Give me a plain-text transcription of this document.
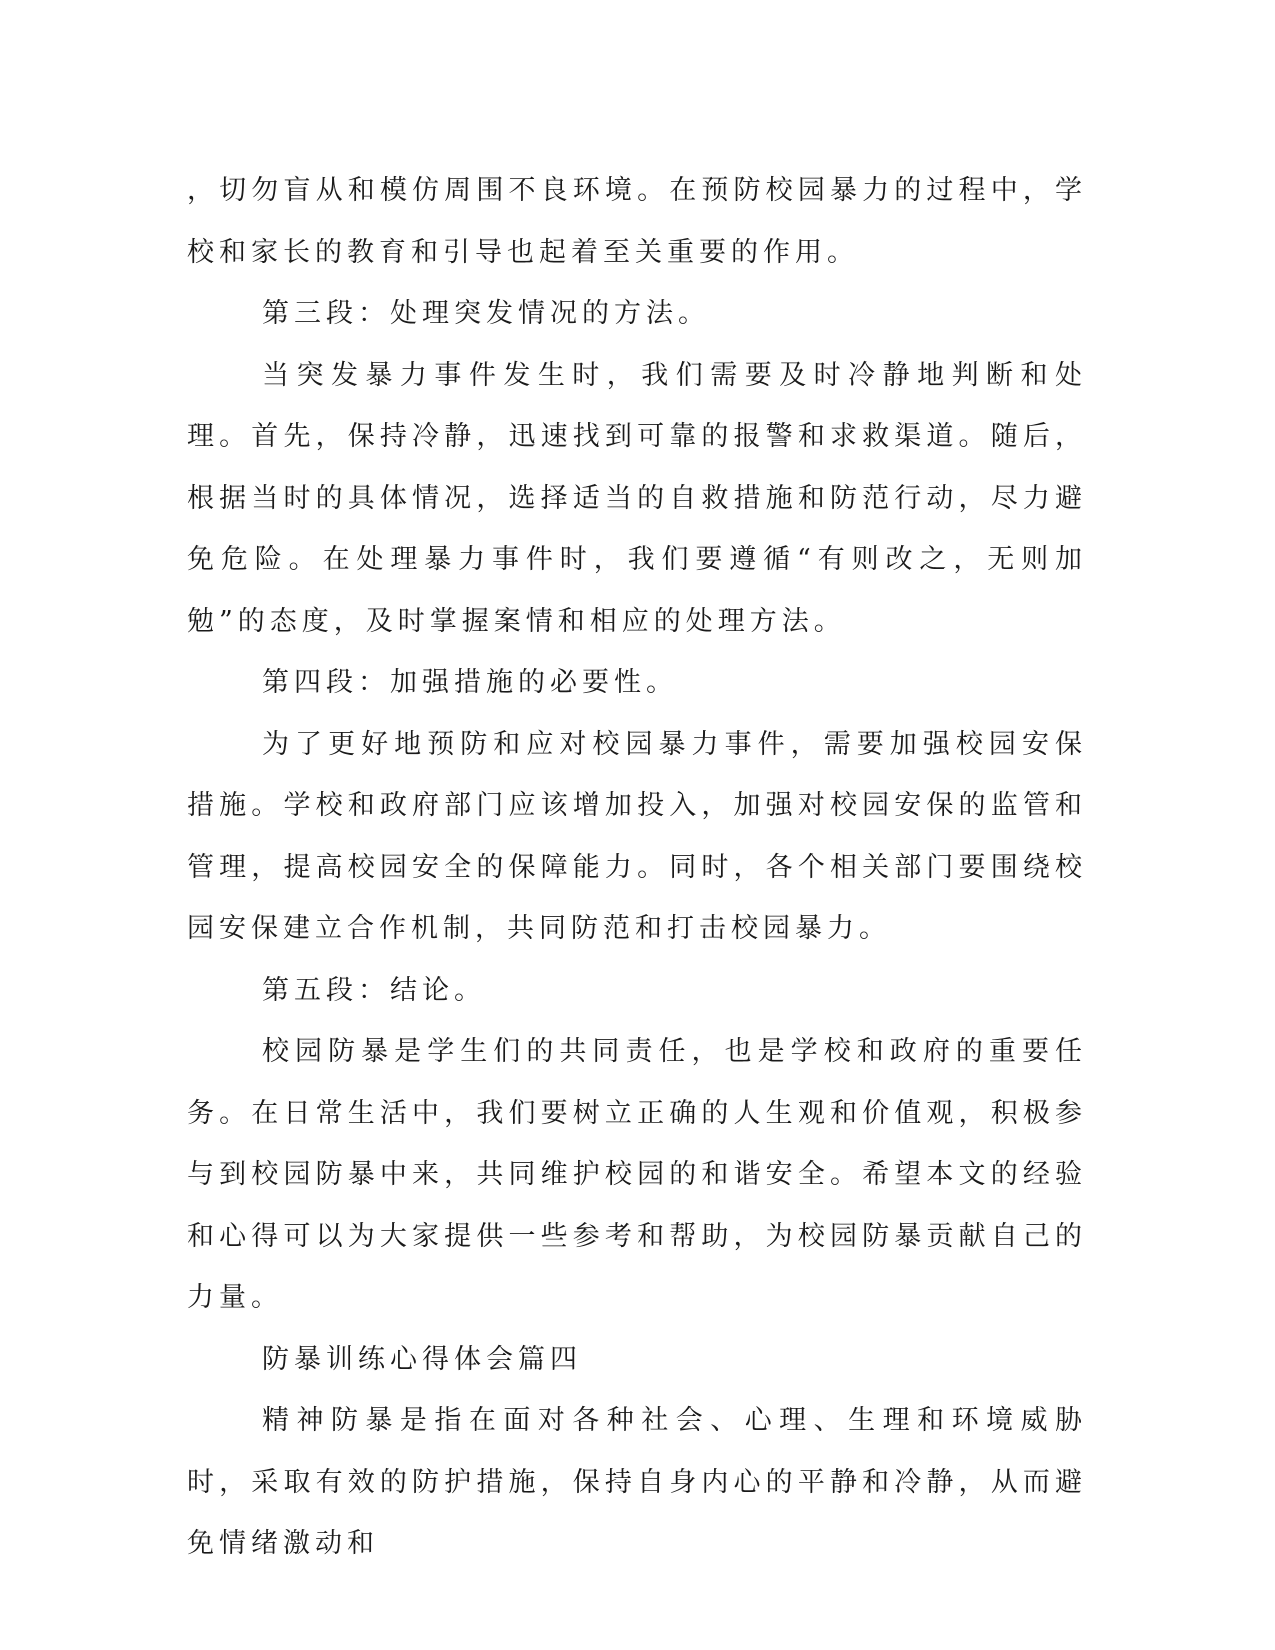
，切勿盲从和模仿周围不良环境。在预防校园暴力的过程中，学校和家长的教育和引导也起着至关重要的作用。

第三段：处理突发情况的方法。

当突发暴力事件发生时，我们需要及时冷静地判断和处理。首先，保持冷静，迅速找到可靠的报警和求救渠道。随后，根据当时的具体情况，选择适当的自救措施和防范行动，尽力避免危险。在处理暴力事件时，我们要遵循“有则改之，无则加勉”的态度，及时掌握案情和相应的处理方法。

第四段：加强措施的必要性。

为了更好地预防和应对校园暴力事件，需要加强校园安保措施。学校和政府部门应该增加投入，加强对校园安保的监管和管理，提高校园安全的保障能力。同时，各个相关部门要围绕校园安保建立合作机制，共同防范和打击校园暴力。

第五段：结论。

校园防暴是学生们的共同责任，也是学校和政府的重要任务。在日常生活中，我们要树立正确的人生观和价值观，积极参与到校园防暴中来，共同维护校园的和谐安全。希望本文的经验和心得可以为大家提供一些参考和帮助，为校园防暴贡献自己的力量。

防暴训练心得体会篇四

精神防暴是指在面对各种社会、心理、生理和环境威胁时，采取有效的防护措施，保持自身内心的平静和冷静，从而避免情绪激动和
